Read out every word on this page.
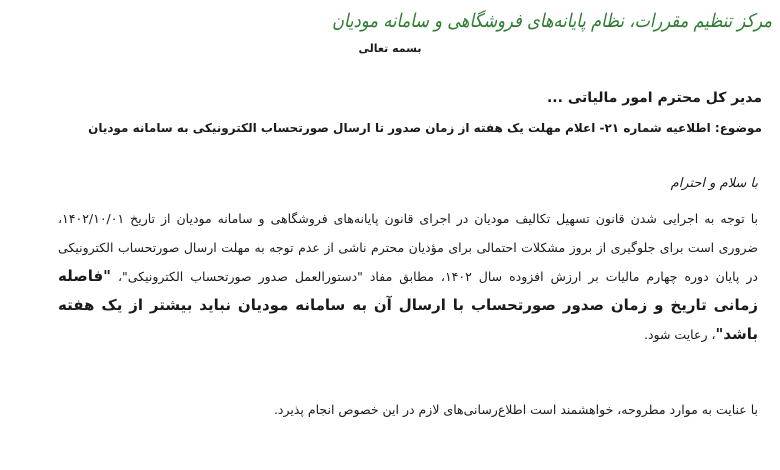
مرکز تنظیم مقررات، نظام پایانه‌های فروشگاهی و سامانه مودیان
بسمه تعالی
مدیر کل محترم امور مالیاتی ...
موضوع: اطلاعیه شماره ۲۱- اعلام مهلت یک هفته از زمان صدور تا ارسال صورتحساب الکترونیکی به سامانه مودیان
با سلام و احترام
با توجه به اجرایی شدن قانون تسهیل تکالیف مودیان در اجرای قانون پایانه‌های فروشگاهی و سامانه مودیان از تاریخ ۱۴۰۲/۱۰/۰۱، ضروری است برای جلوگیری از بروز مشکلات احتمالی برای مؤدیان محترم ناشی از عدم توجه به مهلت ارسال صورتحساب الکترونیکی در پایان دوره چهارم مالیات بر ارزش افزوده سال ۱۴۰۲، مطابق مفاد "دستورالعمل صدور صورتحساب الکترونیکی"، "فاصله زمانی تاریخ و زمان صدور صورتحساب با ارسال آن به سامانه مودیان نباید بیشتر از یک هفته باشد"، رعایت شود.
با عنایت به موارد مطروحه، خواهشمند است اطلاع‌رسانی‌های لازم در این خصوص انجام پذیرد.
